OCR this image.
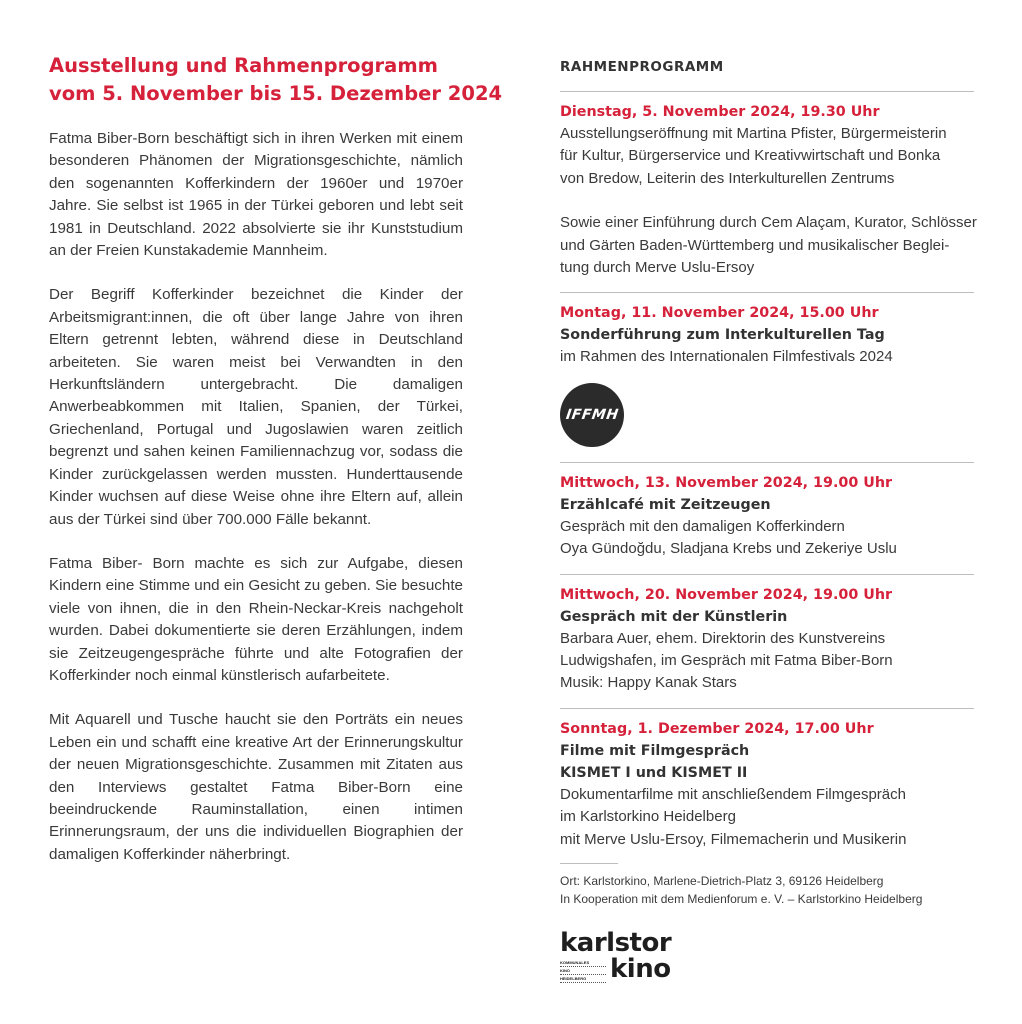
Ausstellung und Rahmenprogramm
vom 5. November bis 15. Dezember 2024

Fatma Biber-Born beschäftigt sich in ihren Werken mit einem besonderen Phänomen der Migrationsgeschichte, nämlich den sogenannten Kofferkindern der 1960er und 1970er Jahre. Sie selbst ist 1965 in der Türkei geboren und lebt seit 1981 in Deutschland. 2022 absolvierte sie ihr Kunststudium an der Freien Kunstakademie Mannheim.

Der Begriff Kofferkinder bezeichnet die Kinder der Arbeitsmigrant:innen, die oft über lange Jahre von ihren Eltern getrennt lebten, während diese in Deutschland arbeiteten. Sie waren meist bei Verwandten in den Herkunftsländern untergebracht. Die damaligen Anwerbeabkommen mit Italien, Spanien, der Türkei, Griechenland, Portugal und Jugoslawien waren zeitlich begrenzt und sahen keinen Familiennachzug vor, sodass die Kinder zurückgelassen werden mussten. Hunderttausende Kinder wuchsen auf diese Weise ohne ihre Eltern auf, allein aus der Türkei sind über 700.000 Fälle bekannt.

Fatma Biber- Born machte es sich zur Aufgabe, diesen Kindern eine Stimme und ein Gesicht zu geben. Sie besuchte viele von ihnen, die in den Rhein-Neckar-Kreis nachgeholt wurden. Dabei dokumentierte sie deren Erzählungen, indem sie Zeitzeugengespräche führte und alte Fotografien der Kofferkinder noch einmal künstlerisch aufarbeitete.

Mit Aquarell und Tusche haucht sie den Porträts ein neues Leben ein und schafft eine kreative Art der Erinnerungskultur der neuen Migrationsgeschichte. Zusammen mit Zitaten aus den Interviews gestaltet Fatma Biber-Born eine beeindruckende Rauminstallation, einen intimen Erinnerungsraum, der uns die individuellen Biographien der damaligen Kofferkinder näherbringt.

RAHMENPROGRAMM
Dienstag, 5. November 2024, 19.30 Uhr
Ausstellungseröffnung mit Martina Pfister, Bürgermeisterin
für Kultur, Bürgerservice und Kreativwirtschaft und Bonka
von Bredow, Leiterin des Interkulturellen Zentrums
Sowie einer Einführung durch Cem Alaçam, Kurator, Schlösser
und Gärten Baden-Württemberg und musikalischer Beglei-
tung durch Merve Uslu-Ersoy
Montag, 11. November 2024, 15.00 Uhr
Sonderführung zum Interkulturellen Tag
im Rahmen des Internationalen Filmfestivals 2024
IFFMH
Mittwoch, 13. November 2024, 19.00 Uhr
Erzählcafé mit Zeitzeugen
Gespräch mit den damaligen Kofferkindern
Oya Gündoğdu, Sladjana Krebs und Zekeriye Uslu
Mittwoch, 20. November 2024, 19.00 Uhr
Gespräch mit der Künstlerin
Barbara Auer, ehem. Direktorin des Kunstvereins
Ludwigshafen, im Gespräch mit Fatma Biber-Born
Musik: Happy Kanak Stars
Sonntag, 1. Dezember 2024, 17.00 Uhr
Filme mit Filmgespräch
KISMET I und KISMET II
Dokumentarfilme mit anschließendem Filmgespräch
im Karlstorkino Heidelberg
mit Merve Uslu-Ersoy, Filmemacherin und Musikerin
Ort: Karlstorkino, Marlene-Dietrich-Platz 3, 69126 Heidelberg
In Kooperation mit dem Medienforum e. V. – Karlstorkino Heidelberg
karlstor
KOMMUNALES
KINO
HEIDELBERG kino
